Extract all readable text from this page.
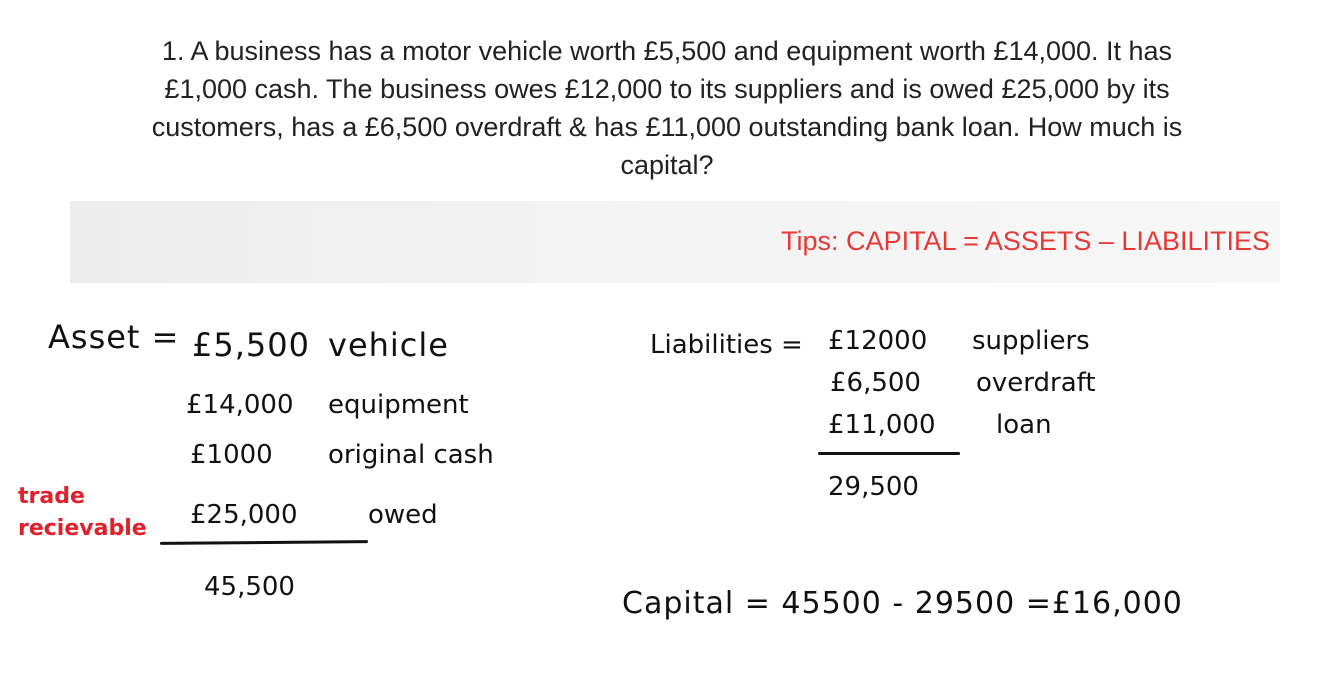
1. A business has a motor vehicle worth £5,500 and equipment worth £14,000. It has
£1,000 cash. The business owes £12,000 to its suppliers and is owed £25,000 by its
customers, has a £6,500 overdraft & has £11,000 outstanding bank loan. How much is
capital?
Tips: CAPITAL = ASSETS – LIABILITIES
Asset = £5,500 vehicle
£14,000 equipment
£1000 original cash
£25,000	owed
trade
recievable
45,500
Liabilities = £12000 suppliers
£6,500 overdraft
£11,000 loan
29,500
Capital = 45500 - 29500 =£16,000
